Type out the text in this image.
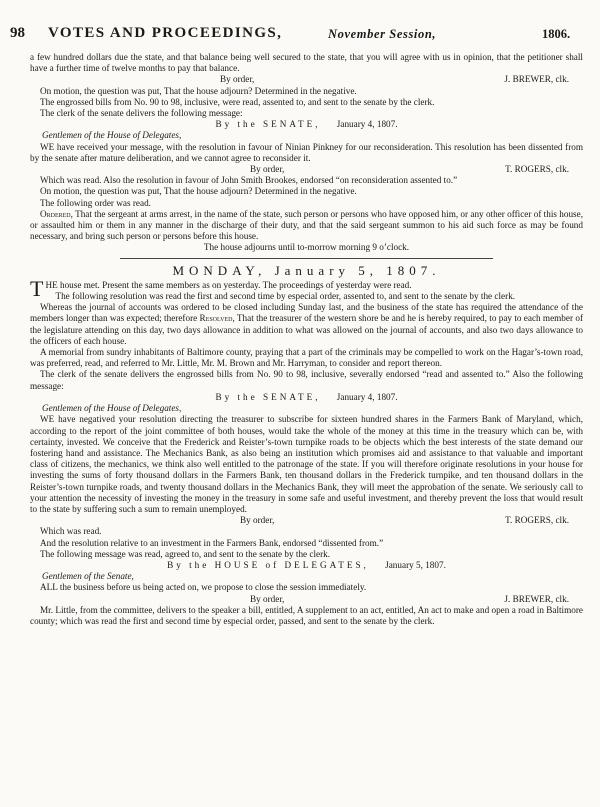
98 VOTES AND PROCEEDINGS,	November Session,	1806.

a few hundred dollars due the state, and that balance being well secured to the state, that you will agree with us in opinion, that the petitioner shall have a further time of twelve months to pay that balance.

By order,	J. BREWER, clk.

On motion, the question was put, That the house adjourn? Determined in the negative.

The engrossed bills from No. 90 to 98, inclusive, were read, assented to, and sent to the senate by the clerk.

The clerk of the senate delivers the following message:

By the SENATE, January 4, 1807.

Gentlemen of the House of Delegates,

WE have received your message, with the resolution in favour of Ninian Pinkney for our reconsideration. This resolution has been dissented from by the senate after mature deliberation, and we cannot agree to reconsider it.

By order,	T. ROGERS, clk.

Which was read. Also the resolution in favour of John Smith Brookes, endorsed “on reconsideration assented to.”

On motion, the question was put, That the house adjourn? Determined in the negative.

The following order was read.

Ordered, That the sergeant at arms arrest, in the name of the state, such person or persons who have opposed him, or any other officer of this house, or assaulted him or them in any manner in the discharge of their duty, and that the said sergeant summon to his aid such force as may be found necessary, and bring such person or persons before this house.

The house adjourns until to-morrow morning 9 o’clock.

MONDAY, January 5, 1807.

THE house met. Present the same members as on yesterday. The proceedings of yesterday were read.

The following resolution was read the first and second time by especial order, assented to, and sent to the senate by the clerk.

Whereas the journal of accounts was ordered to be closed including Sunday last, and the business of the state has required the attendance of the members longer than was expected; therefore Resolved, That the treasurer of the western shore be and he is hereby required, to pay to each member of the legislature attending on this day, two days allowance in addition to what was allowed on the journal of accounts, and also two days allowance to the officers of each house.

A memorial from sundry inhabitants of Baltimore county, praying that a part of the criminals may be compelled to work on the Hagar’s-town road, was preferred, read, and referred to Mr. Little, Mr. M. Brown and Mr. Harryman, to consider and report thereon.

The clerk of the senate delivers the engrossed bills from No. 90 to 98, inclusive, severally endorsed “read and assented to.” Also the following message:

By the SENATE, January 4, 1807.

Gentlemen of the House of Delegates,

WE have negatived your resolution directing the treasurer to subscribe for sixteen hundred shares in the Farmers Bank of Maryland, which, according to the report of the joint committee of both houses, would take the whole of the money at this time in the treasury which can be, with certainty, invested. We conceive that the Frederick and Reister’s-town turnpike roads to be objects which the best interests of the state demand our fostering hand and assistance. The Mechanics Bank, as also being an institution which promises aid and assistance to that valuable and important class of citizens, the mechanics, we think also well entitled to the patronage of the state. If you will therefore originate resolutions in your house for investing the sums of forty thousand dollars in the Farmers Bank, ten thousand dollars in the Frederick turnpike, and ten thousand dollars in the Reister’s-town turnpike roads, and twenty thousand dollars in the Mechanics Bank, they will meet the approbation of the senate. We seriously call to your attention the necessity of investing the money in the treasury in some safe and useful investment, and thereby prevent the loss that would result to the state by suffering such a sum to remain unemployed.

By order,	T. ROGERS, clk.

Which was read.

And the resolution relative to an investment in the Farmers Bank, endorsed “dissented from.”

The following message was read, agreed to, and sent to the senate by the clerk.

By the HOUSE of DELEGATES, January 5, 1807.

Gentlemen of the Senate,

ALL the business before us being acted on, we propose to close the session immediately.

By order,	J. BREWER, clk.

Mr. Little, from the committee, delivers to the speaker a bill, entitled, A supplement to an act, entitled, An act to make and open a road in Baltimore county; which was read the first and second time by especial order, passed, and sent to the senate by the clerk.
